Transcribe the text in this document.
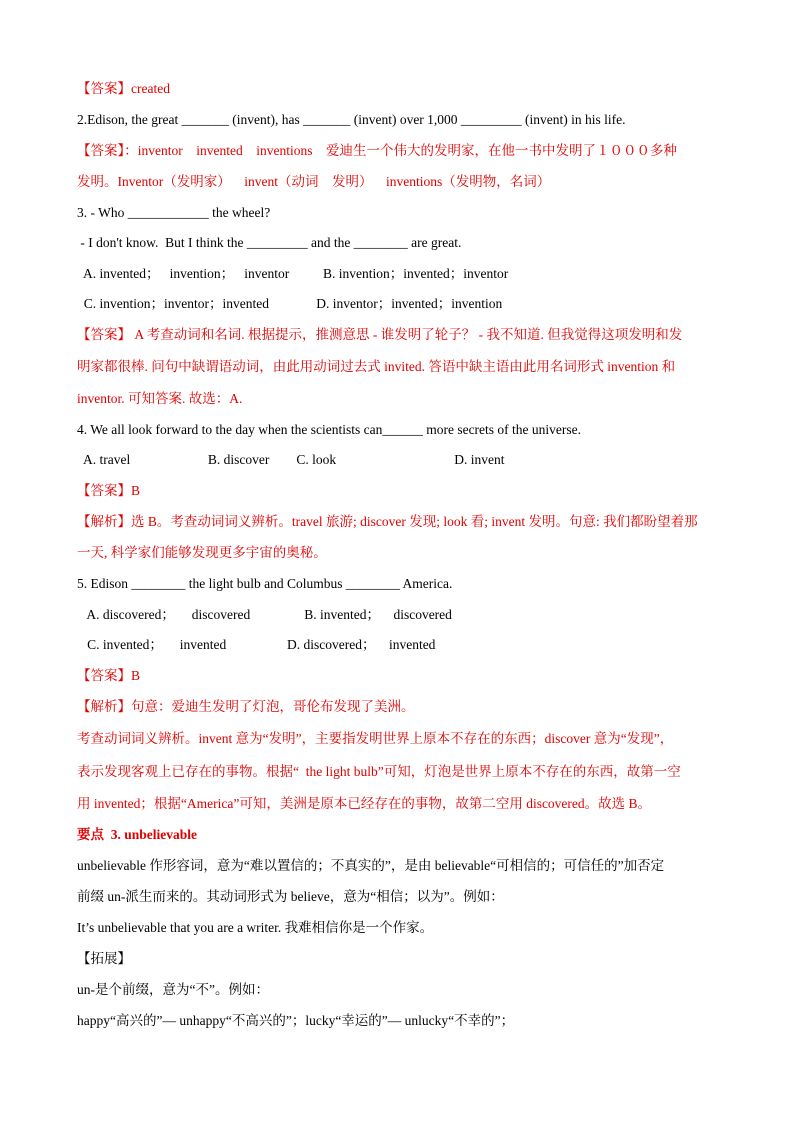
【答案】created
2.Edison, the great _______ (invent), has _______ (invent) over 1,000 _________ (invent) in his life.
【答案】：inventor    invented    inventions    爱迪生一个伟大的发明家，在他一书中发明了１０００多种
发明。Inventor（发明家）    invent（动词    发明）    inventions（发明物，名词）
3. - Who ____________ the wheel?
- I don't know.  But I think the _________ and the ________ are great.
A. invented；   invention；   inventor          B. invention；invented；inventor
C. invention；inventor；invented              D. inventor；invented；invention
【答案】 A 考查动词和名词. 根据提示，推测意思 - 谁发明了轮子？ - 我不知道. 但我觉得这项发明和发
明家都很棒. 问句中缺谓语动词，由此用动词过去式 invited. 答语中缺主语由此用名词形式 invention 和
inventor. 可知答案. 故选：A.
4. We all look forward to the day when the scientists can______ more secrets of the universe.
A. travel                       B. discover        C. look                                   D. invent
【答案】B
【解析】选 B。考查动词词义辨析。travel 旅游; discover 发现; look 看; invent 发明。句意: 我们都盼望着那
一天, 科学家们能够发现更多宇宙的奥秘。
5. Edison ________ the light bulb and Columbus ________ America.
A. discovered；     discovered                B. invented；    discovered
C. invented；     invented                  D. discovered；    invented
【答案】B
【解析】句意：爱迪生发明了灯泡，哥伦布发现了美洲。
考查动词词义辨析。invent 意为“发明”，主要指发明世界上原本不存在的东西；discover 意为“发现”，
表示发现客观上已存在的事物。根据“  the light bulb”可知，灯泡是世界上原本不存在的东西，故第一空
用 invented；根据“America”可知，美洲是原本已经存在的事物，故第二空用 discovered。故选 B。
要点  3. unbelievable
unbelievable 作形容词，意为“难以置信的；不真实的”，是由 believable“可相信的；可信任的”加否定
前缀 un-派生而来的。其动词形式为 believe，意为“相信；以为”。例如：
It’s unbelievable that you are a writer. 我难相信你是一个作家。
【拓展】
un-是个前缀，意为“不”。例如：
happy“高兴的”— unhappy“不高兴的”；lucky“幸运的”— unlucky“不幸的”；
